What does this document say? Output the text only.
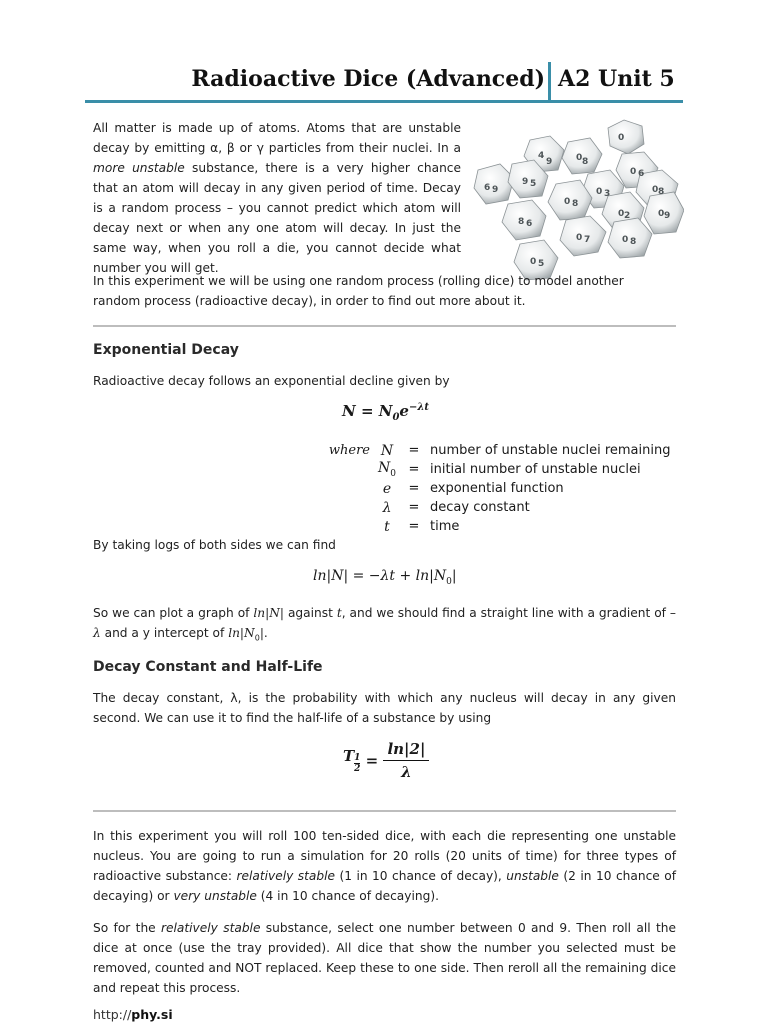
Radioactive Dice (Advanced) A2 Unit 5
0
4
9	0 8
0 6
6 9
9 5
0 8
0 3
0 8
0 2	0 9
8 6
0 7	0 8
0 5
All matter is made up of atoms. Atoms that are unstable decay by emitting α, β or γ particles from their nuclei. In a more unstable substance, there is a very higher chance that an atom will decay in any given period of time. Decay is a random process – you cannot predict which atom will decay next or when any one atom will decay. In just the same way, when you roll a die, you cannot decide what number you will get.
In this experiment we will be using one random process (rolling dice) to model another random process (radioactive decay), in order to find out more about it.
Exponential Decay
Radioactive decay follows an exponential decline given by
$N = N_0e^{-\lambda t}$
where	N	=	number of unstable nuclei remaining
	$N_0$	=	initial number of unstable nuclei
	e	=	exponential function
	λ	=	decay constant
	t	=	time
By taking logs of both sides we can find
$\ln|N| = -\lambda t + \ln|N_0|$
So we can plot a graph of ln|N| against t, and we should find a straight line with a gradient of – λ and a y intercept of $\ln|N_0|$.
Decay Constant and Half-Life
The decay constant, λ, is the probability with which any nucleus will decay in any given second. We can use it to find the half-life of a substance by using
T $\frac{1}{2} = \frac{\ln|2|}{\lambda}$
In this experiment you will roll 100 ten-sided dice, with each die representing one unstable nucleus. You are going to run a simulation for 20 rolls (20 units of time) for three types of radioactive substance: relatively stable (1 in 10 chance of decay), unstable (2 in 10 chance of decaying) or very unstable (4 in 10 chance of decaying).
So for the relatively stable substance, select one number between 0 and 9. Then roll all the dice at once (use the tray provided). All dice that show the number you selected must be removed, counted and NOT replaced. Keep these to one side. Then reroll all the remaining dice and repeat this process.
http://phy.si
